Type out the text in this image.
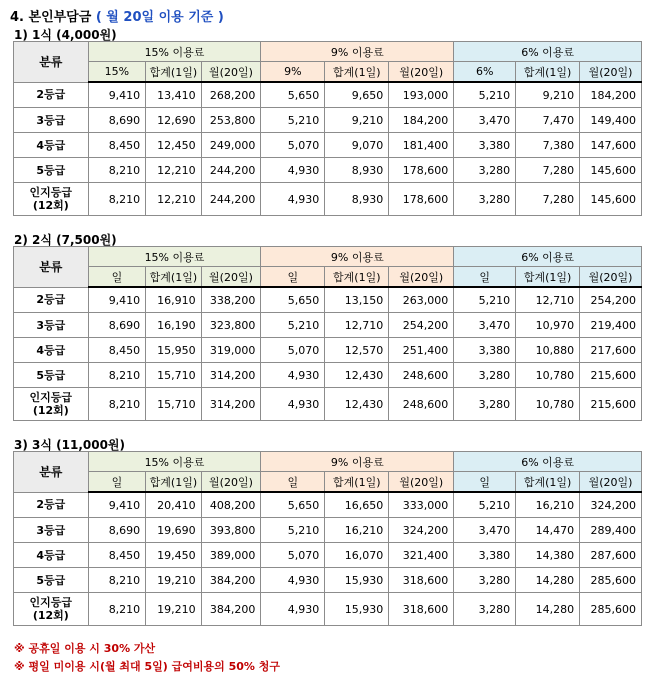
4. 본인부담금 ( 월 20일 이용 기준 )
1) 1식 (4,000원)
분류	15% 이용료			9% 이용료			6% 이용료		
	15%	합계(1일)	월(20일)	9%	합계(1일)	월(20일)	6%	합계(1일)	월(20일)

2등급	9,410	13,410	268,200	5,650	9,650	193,000	5,210	9,210	184,200

3등급	8,690	12,690	253,800	5,210	9,210	184,200	3,470	7,470	149,400

4등급	8,450	12,450	249,000	5,070	9,070	181,400	3,380	7,380	147,600

5등급	8,210	12,210	244,200	4,930	8,930	178,600	3,280	7,280	145,600

인지등급
(12회)	8,210	12,210	244,200	4,930	8,930	178,600	3,280	7,280	145,600
2) 2식 (7,500원)
분류	15% 이용료			9% 이용료			6% 이용료		
	일	합계(1일)	월(20일)	일	합계(1일)	월(20일)	일	합계(1일)	월(20일)

2등급	9,410	16,910	338,200	5,650	13,150	263,000	5,210	12,710	254,200

3등급	8,690	16,190	323,800	5,210	12,710	254,200	3,470	10,970	219,400

4등급	8,450	15,950	319,000	5,070	12,570	251,400	3,380	10,880	217,600

5등급	8,210	15,710	314,200	4,930	12,430	248,600	3,280	10,780	215,600

인지등급
(12회)	8,210	15,710	314,200	4,930	12,430	248,600	3,280	10,780	215,600
3) 3식 (11,000원)
분류	15% 이용료			9% 이용료			6% 이용료		
	일	합계(1일)	월(20일)	일	합계(1일)	월(20일)	일	합계(1일)	월(20일)

2등급	9,410	20,410	408,200	5,650	16,650	333,000	5,210	16,210	324,200

3등급	8,690	19,690	393,800	5,210	16,210	324,200	3,470	14,470	289,400

4등급	8,450	19,450	389,000	5,070	16,070	321,400	3,380	14,380	287,600

5등급	8,210	19,210	384,200	4,930	15,930	318,600	3,280	14,280	285,600

인지등급
(12회)	8,210	19,210	384,200	4,930	15,930	318,600	3,280	14,280	285,600
※ 공휴일 이용 시 30% 가산
※ 평일 미이용 시(월 최대 5일) 급여비용의 50% 청구
